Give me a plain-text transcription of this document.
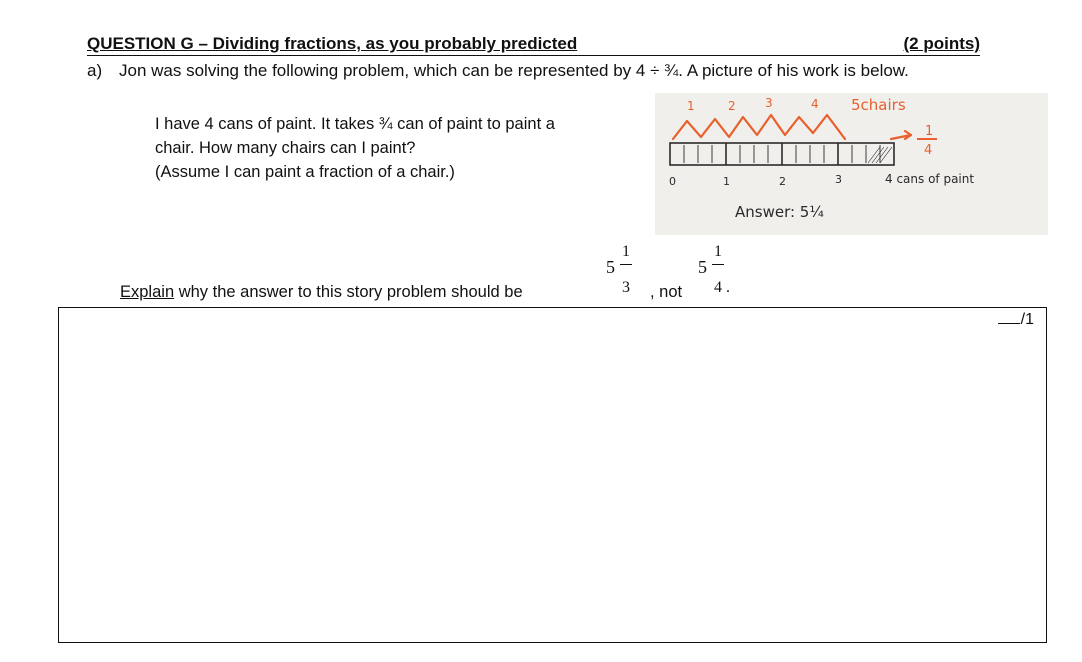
QUESTION G – Dividing fractions, as you probably predicted	(2 points)
a) Jon was solving the following problem, which can be represented by 4 ÷ ¾. A picture of his work is below.
I have 4 cans of paint. It takes ¾ can of paint to paint a
chair. How many chairs can I paint?
(Assume I can paint a fraction of a chair.)
1	2 3	4 5chairs
1
4
0	1	2	3	4 cans of paint
Answer: 5¼
Explain why the answer to this story problem should be
5
1
3 , not
5
1
4 .
/1
